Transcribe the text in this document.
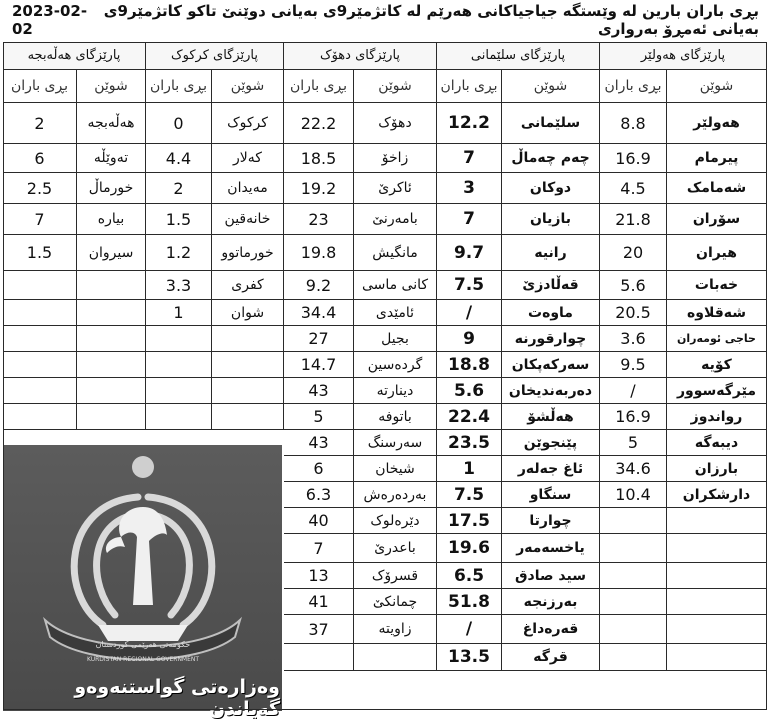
بڕی باران بارین لە وێستگە جیاجیاکانی هەرێم لە کاتژمێر9ی بەیانی دوێنێ تاکو کاتژمێر9ی بەیانی ئەمڕۆ بەرواری
2023-02-02
پارێزگای هەولێر
بڕی باران	شوێن
8.8	هەولێر
16.9	پیرمام
4.5	شەمامک
21.8	سۆران
20	هیران
5.6	خەبات
20.5	شەقلاوە
3.6	حاجی ئومەران
9.5	کۆیە
/	مێرگەسوور
16.9	رواندوز
5	دیبەگە
34.6	بارزان
10.4	دارشکران
پارێزگای سلێمانی
بڕی باران	شوێن
12.2	سلێمانی
7	چەم چەماڵ
3	دوکان
7	بازیان
9.7	رانیە
7.5	قەڵادزێ
/	ماوەت
9	چوارقورنە
18.8	سەرکەپکان
5.6	دەربەندیخان
22.4	هەڵشۆ
23.5	پێنجوێن
1	ئاغ جەلەر
7.5	سنگاو
17.5	چوارتا
19.6	یاخسەمەر
6.5	سید صادق
51.8	بەرزنجە
/	قەرەداغ
13.5	قرگە
پارێزگای دهۆک
بڕی باران	شوێن
22.2	دهۆک
18.5	زاخۆ
19.2	ئاکرێ
23	بامەرنێ
19.8	مانگیش
9.2	کانی ماسی
34.4	ئامێدی
27	بجیل
14.7	گردەسین
43	دینارتە
5	باتوفە
43	سەرسنگ
6	شیخان
6.3	بەردەرەش
40	دێرەلوک
7	باعدرێ
13	قسرۆک
41	چمانکێ
37	زاویتە
پارێزگای کرکوک
بڕی باران	شوێن
0	کرکوک
4.4	کەلار
2	مەیدان
1.5	خانەقین
1.2	خورماتوو
3.3	کفری
1	شوان
پارێزگای هەڵەبجە
بڕی باران	شوێن
2	هەڵەبجە
6	تەوێڵە
2.5	خورماڵ
7	بیارە
1.5	سیروان
حكومەتی هەرێمی کوردستان
KURDISTAN REGIONAL GOVERNMENT
وەزارەتی گواستنەوەو گەیاندن
